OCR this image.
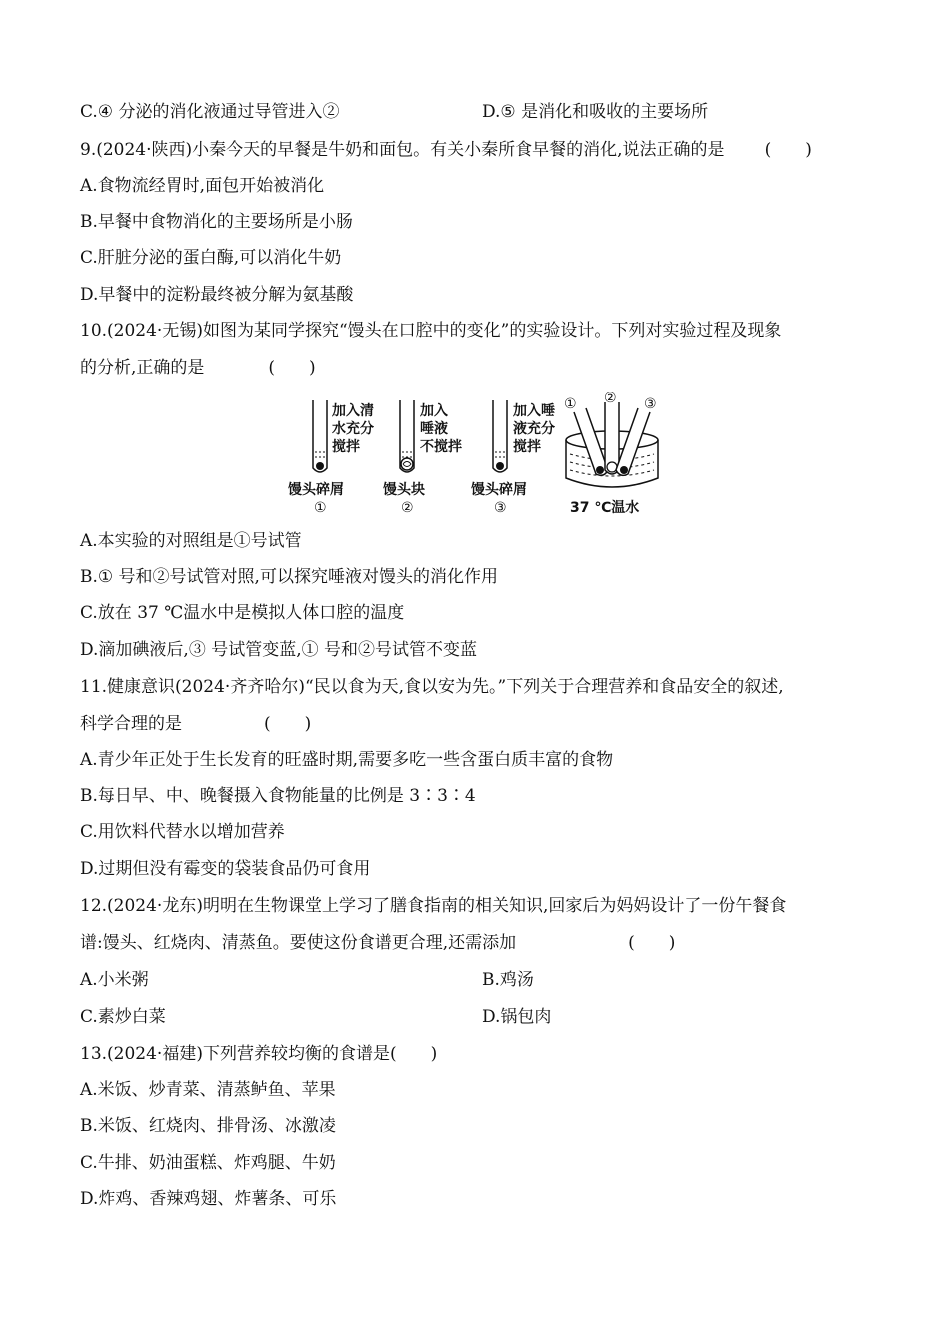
C.④ 分泌的消化液通过导管进入②	D.⑤ 是消化和吸收的主要场所
9.(2024·陕西)小秦今天的早餐是牛奶和面包。有关小秦所食早餐的消化,说法正确的是 (　　)
A.食物流经胃时,面包开始被消化
B.早餐中食物消化的主要场所是小肠
C.肝脏分泌的蛋白酶,可以消化牛奶
D.早餐中的淀粉最终被分解为氨基酸
10.(2024·无锡)如图为某同学探究“馒头在口腔中的变化”的实验设计。下列对实验过程及现象
的分析,正确的是	(　　)
加入清
水充分
搅拌
馒头碎屑
①
加入
唾液
不搅拌
馒头块
②
加入唾
液充分
搅拌
馒头碎屑
③
① ② ③
37 ℃温水
A.本实验的对照组是①号试管
B.① 号和②号试管对照,可以探究唾液对馒头的消化作用
C.放在 37 ℃温水中是模拟人体口腔的温度
D.滴加碘液后,③ 号试管变蓝,① 号和②号试管不变蓝
11.健康意识(2024·齐齐哈尔)“民以食为天,食以安为先。”下列关于合理营养和食品安全的叙述,
科学合理的是	(　　)
A.青少年正处于生长发育的旺盛时期,需要多吃一些含蛋白质丰富的食物
B.每日早、中、晚餐摄入食物能量的比例是 3∶3∶4
C.用饮料代替水以增加营养
D.过期但没有霉变的袋装食品仍可食用
12.(2024·龙东)明明在生物课堂上学习了膳食指南的相关知识,回家后为妈妈设计了一份午餐食
谱:馒头、红烧肉、清蒸鱼。要使这份食谱更合理,还需添加	(　　)
A.小米粥	B.鸡汤
C.素炒白菜	D.锅包肉
13.(2024·福建)下列营养较均衡的食谱是(　　)
A.米饭、炒青菜、清蒸鲈鱼、苹果
B.米饭、红烧肉、排骨汤、冰激凌
C.牛排、奶油蛋糕、炸鸡腿、牛奶
D.炸鸡、香辣鸡翅、炸薯条、可乐
